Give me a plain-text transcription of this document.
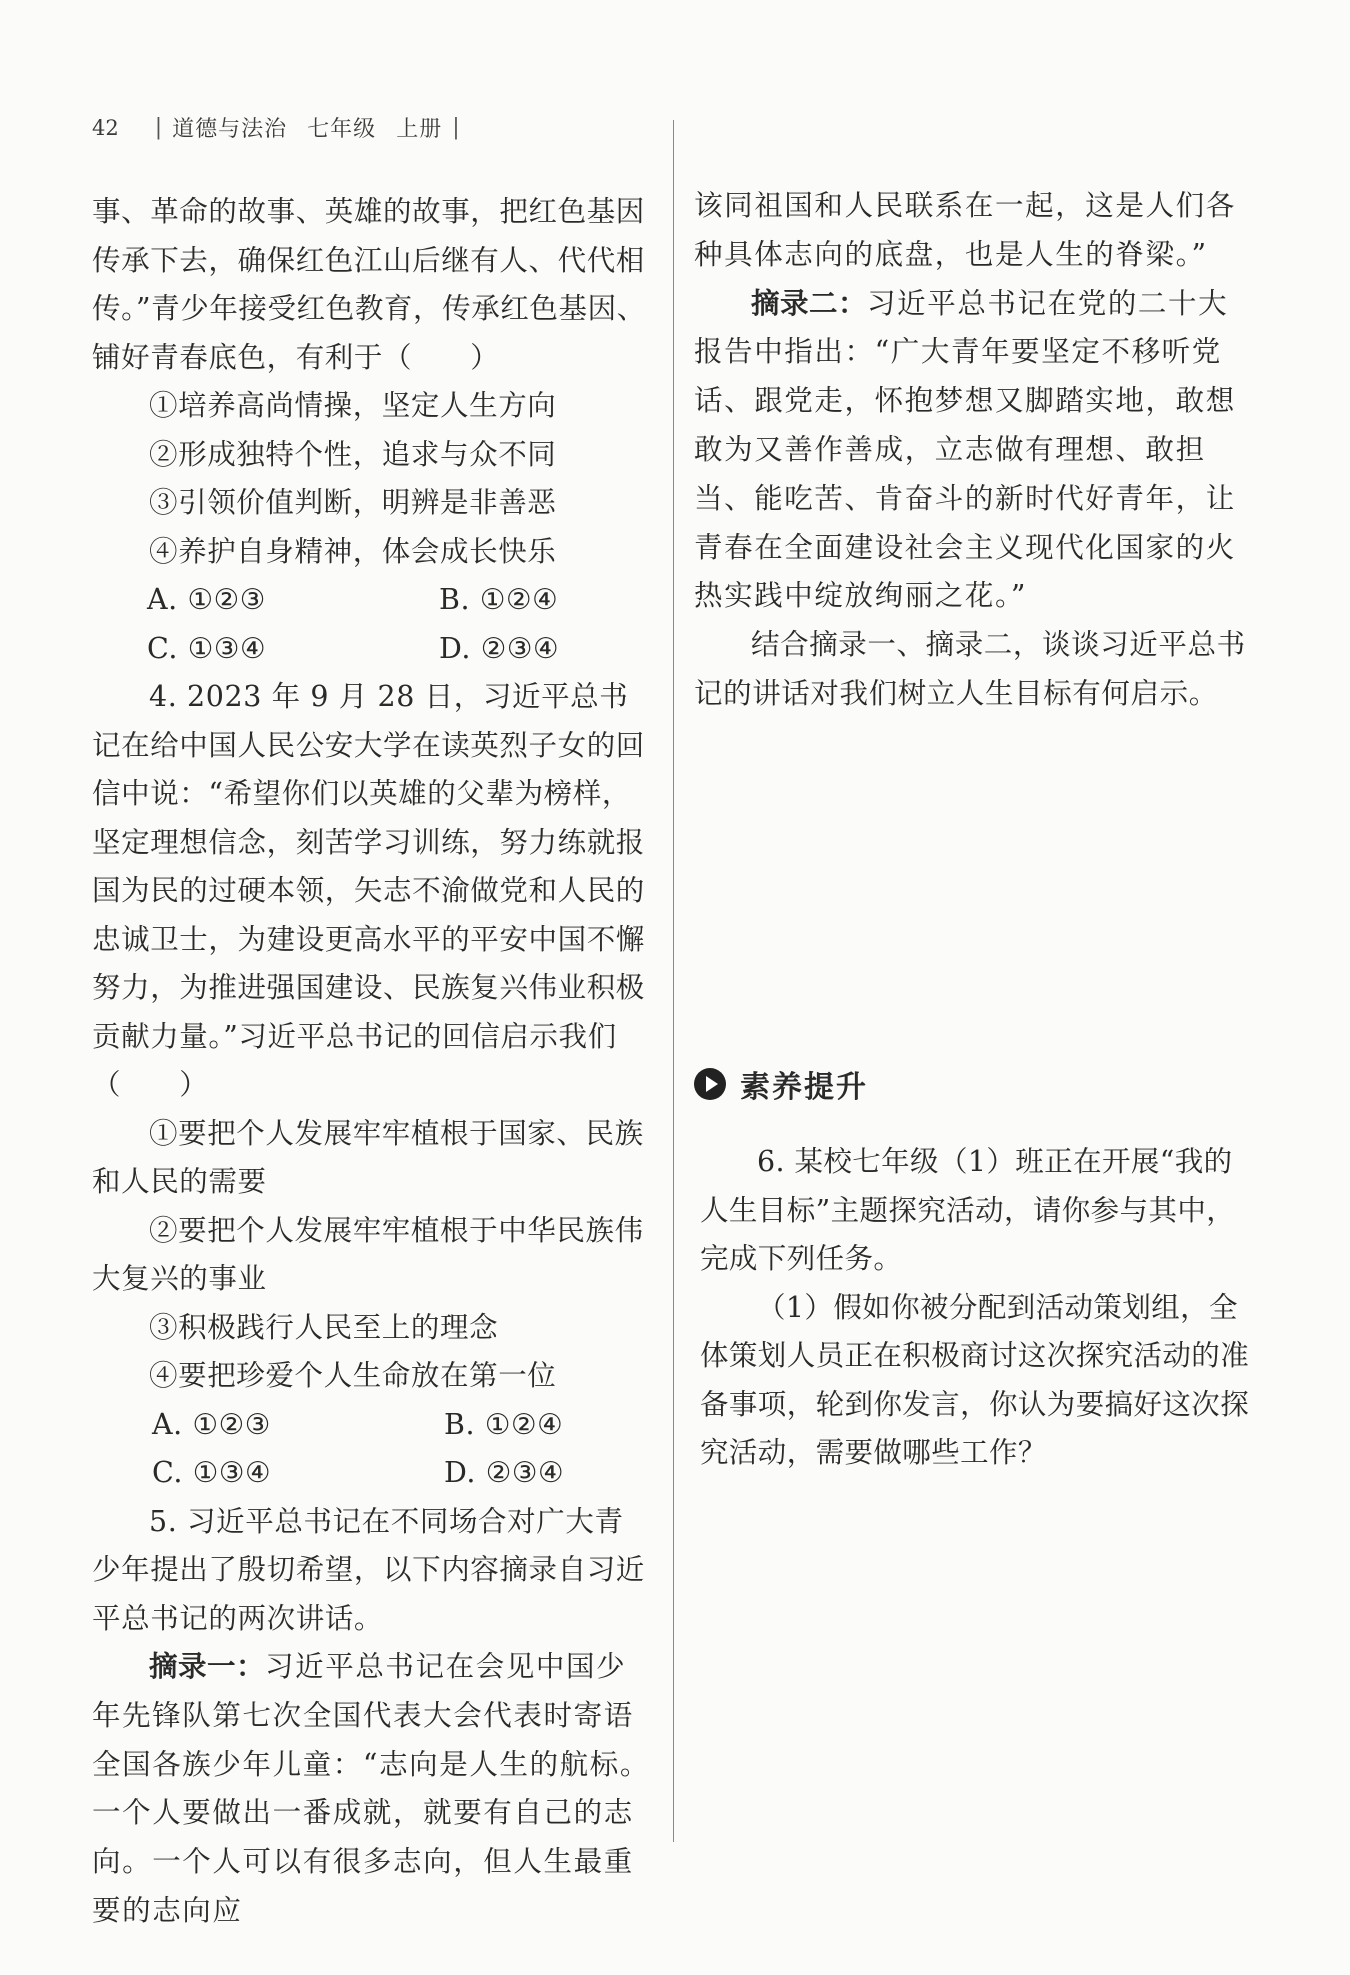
42 | 道德与法治 七年级 上册 |

事、革命的故事、英雄的故事，把红色基因传承下去，确保红色江山后继有人、代代相传。”青少年接受红色教育，传承红色基因、铺好青春底色，有利于（　　）

①培养高尚情操，坚定人生方向

②形成独特个性，追求与众不同

③引领价值判断，明辨是非善恶

④养护自身精神，体会成长快乐

A. ①②③	B. ①②④
C. ①③④	D. ②③④

4. 2023 年 9 月 28 日，习近平总书记在给中国人民公安大学在读英烈子女的回信中说：“希望你们以英雄的父辈为榜样，坚定理想信念，刻苦学习训练，努力练就报国为民的过硬本领，矢志不渝做党和人民的忠诚卫士，为建设更高水平的平安中国不懈努力，为推进强国建设、民族复兴伟业积极贡献力量。”习近平总书记的回信启示我们（　　）

①要把个人发展牢牢植根于国家、民族和人民的需要

②要把个人发展牢牢植根于中华民族伟大复兴的事业

③积极践行人民至上的理念

④要把珍爱个人生命放在第一位

A. ①②③	B. ①②④
C. ①③④	D. ②③④

5. 习近平总书记在不同场合对广大青少年提出了殷切希望，以下内容摘录自习近平总书记的两次讲话。

摘录一：习近平总书记在会见中国少年先锋队第七次全国代表大会代表时寄语全国各族少年儿童：“志向是人生的航标。一个人要做出一番成就，就要有自己的志向。一个人可以有很多志向，但人生最重要的志向应

该同祖国和人民联系在一起，这是人们各种具体志向的底盘，也是人生的脊梁。”

摘录二：习近平总书记在党的二十大报告中指出：“广大青年要坚定不移听党话、跟党走，怀抱梦想又脚踏实地，敢想敢为又善作善成，立志做有理想、敢担当、能吃苦、肯奋斗的新时代好青年，让青春在全面建设社会主义现代化国家的火热实践中绽放绚丽之花。”

结合摘录一、摘录二，谈谈习近平总书记的讲话对我们树立人生目标有何启示。

素养提升

6. 某校七年级（1）班正在开展“我的人生目标”主题探究活动，请你参与其中，完成下列任务。

（1）假如你被分配到活动策划组，全体策划人员正在积极商讨这次探究活动的准备事项，轮到你发言，你认为要搞好这次探究活动，需要做哪些工作？
